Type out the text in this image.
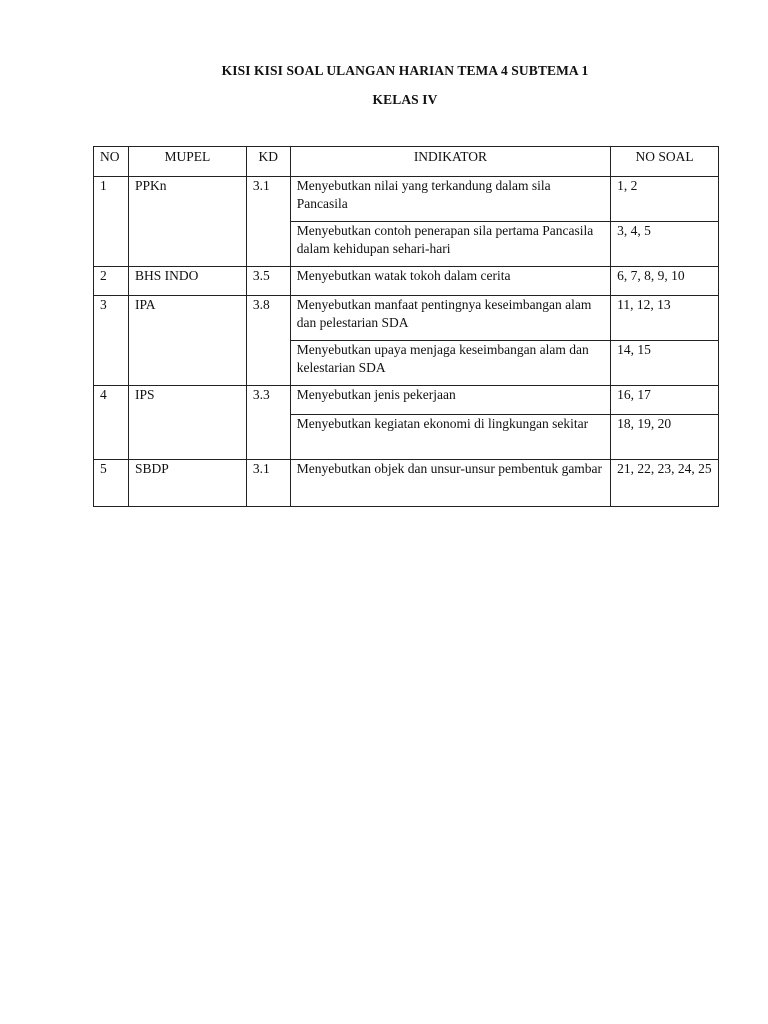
KISI KISI SOAL ULANGAN HARIAN TEMA 4 SUBTEMA 1
KELAS IV
NO	MUPEL	KD	INDIKATOR	NO SOAL
1	PPKn	3.1	Menyebutkan nilai yang terkandung dalam sila Pancasila	1, 2
			Menyebutkan contoh penerapan sila pertama Pancasila dalam kehidupan sehari-hari	3, 4, 5
2	BHS INDO	3.5	Menyebutkan watak tokoh dalam cerita	6, 7, 8, 9, 10
3	IPA	3.8	Menyebutkan manfaat pentingnya keseimbangan alam dan pelestarian SDA	11, 12, 13
			Menyebutkan upaya menjaga keseimbangan alam dan kelestarian SDA	14, 15
4	IPS	3.3	Menyebutkan jenis pekerjaan	16, 17
			Menyebutkan kegiatan ekonomi di lingkungan sekitar	18, 19, 20
5	SBDP	3.1	Menyebutkan objek dan unsur-unsur pembentuk gambar	21, 22, 23, 24, 25
